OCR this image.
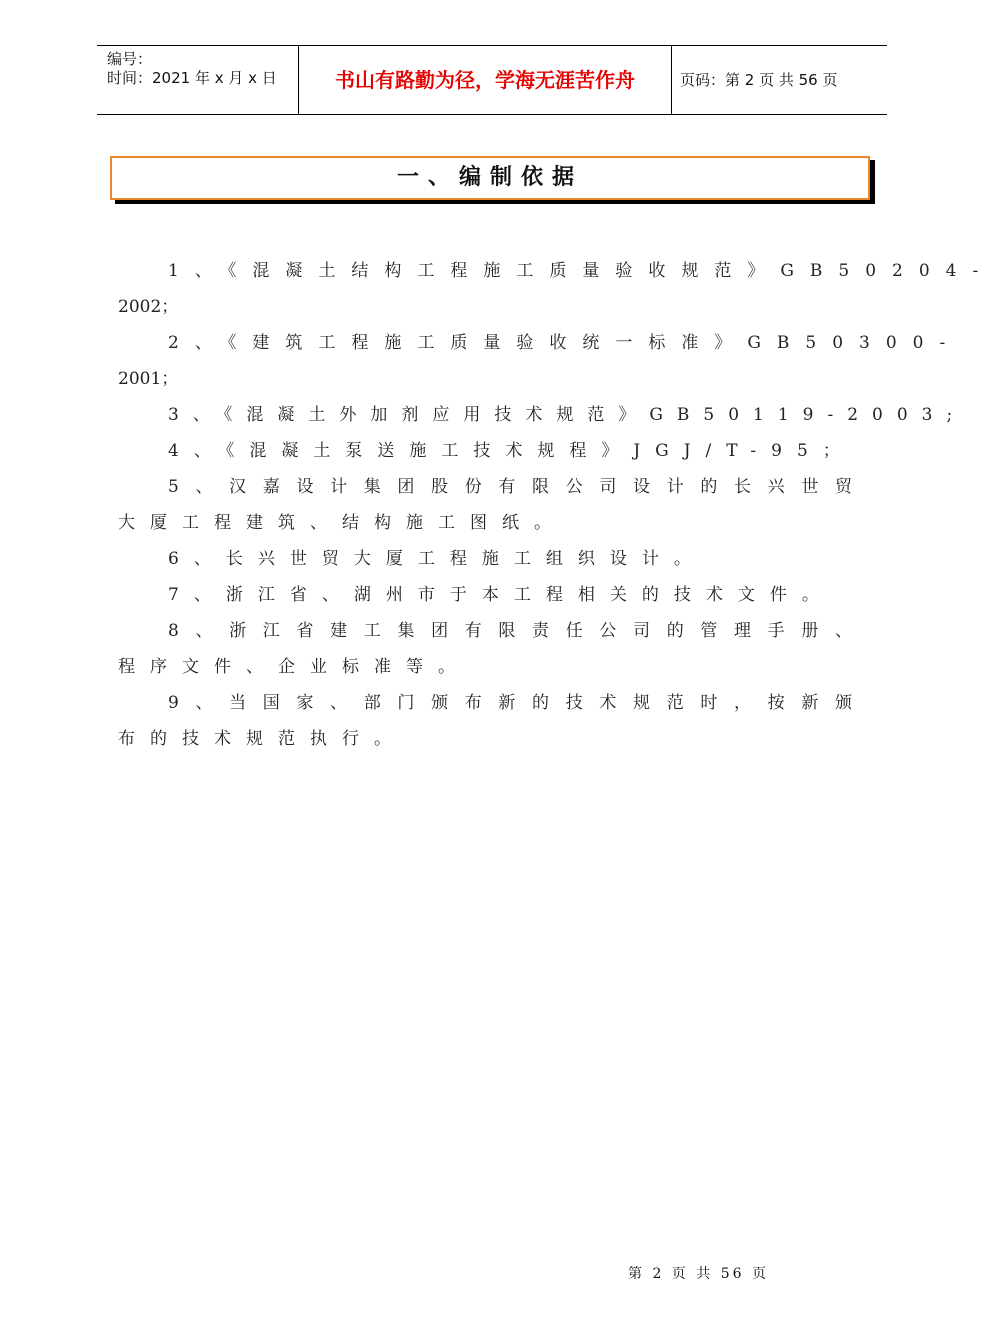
编号：
时间：2021 年 x 月 x 日	书山有路勤为径，学海无涯苦作舟	页码：第 2 页 共 56 页
一、编制依据
1、《混凝土结构工程施工质量验收规范》GB50204-
2002；
2、《建筑工程施工质量验收统一标准》GB50300-
2001；
3、《混凝土外加剂应用技术规范》GB50119-2003;
4、《混凝土泵送施工技术规程》JGJ/T-95；
5、汉嘉设计集团股份有限公司设计的长兴世贸
大厦工程建筑、结构施工图纸。
6、长兴世贸大厦工程施工组织设计。
7、浙江省、湖州市于本工程相关的技术文件。
8、浙江省建工集团有限责任公司的管理手册、
程序文件、企业标准等。
9、当国家、部门颁布新的技术规范时，按新颁
布的技术规范执行。
第 2 页 共 56 页
